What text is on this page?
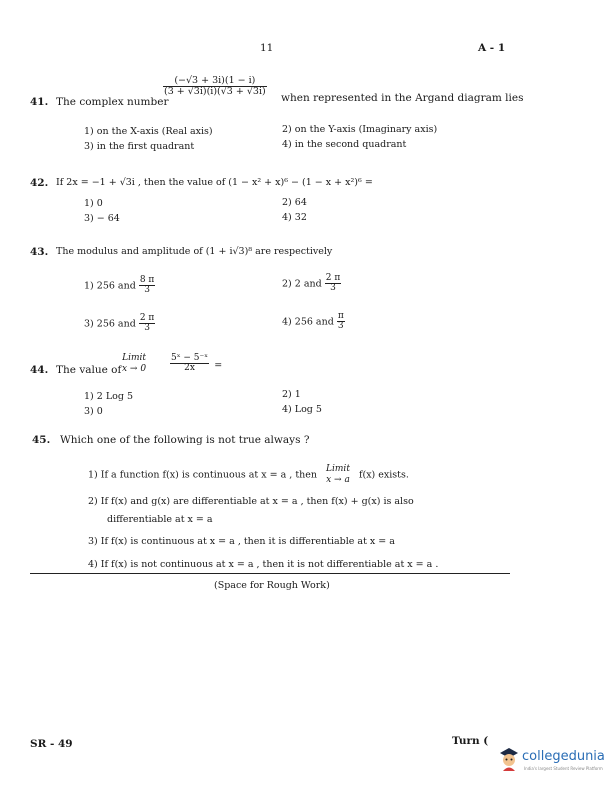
11	A - 1
41. The complex number
$\frac{(-√3 + 3i)(1 - i)}{(3 + √3i)(i)(√3 + √3i)}$
when represented in the Argand diagram lies
1) on the X-axis (Real axis)	2) on the Y-axis (Imaginary axis)
3) in the first quadrant	4) in the second quadrant
42. If 2x = −1 + √3i , then the value of (1 − x² + x)⁶ − (1 − x + x²)⁶ =
1) 0	2) 64
3) − 64	4) 32
43. The modulus and amplitude of (1 + i√3)⁸ are respectively
1) 256 and $\frac{8 \pi}{3}$	2) 2 and $\frac{2 \pi}{3}$
3) 256 and $\frac{2 \pi}{3}$	4) 256 and $\frac{\pi}{3}$
44. The value of
Limit
x → 0	$\frac{\text{5ˣ − 5⁻ˣ}}{2x}$ =
1) 2 Log 5	2) 1
3) 0	4) Log 5
45. Which one of the following is not true always ?
1) If a function f(x) is continuous at x = a , then
Limit
x → a f(x) exists.
2) If f(x) and g(x) are differentiable at x = a , then f(x) + g(x) is also
differentiable at x = a
3) If f(x) is continuous at x = a , then it is differentiable at x = a
4) If f(x) is not continuous at x = a , then it is not differentiable at x = a .
(Space for Rough Work)
SR - 49	Turn (
collegedunia
India's largest Student Review Platform
